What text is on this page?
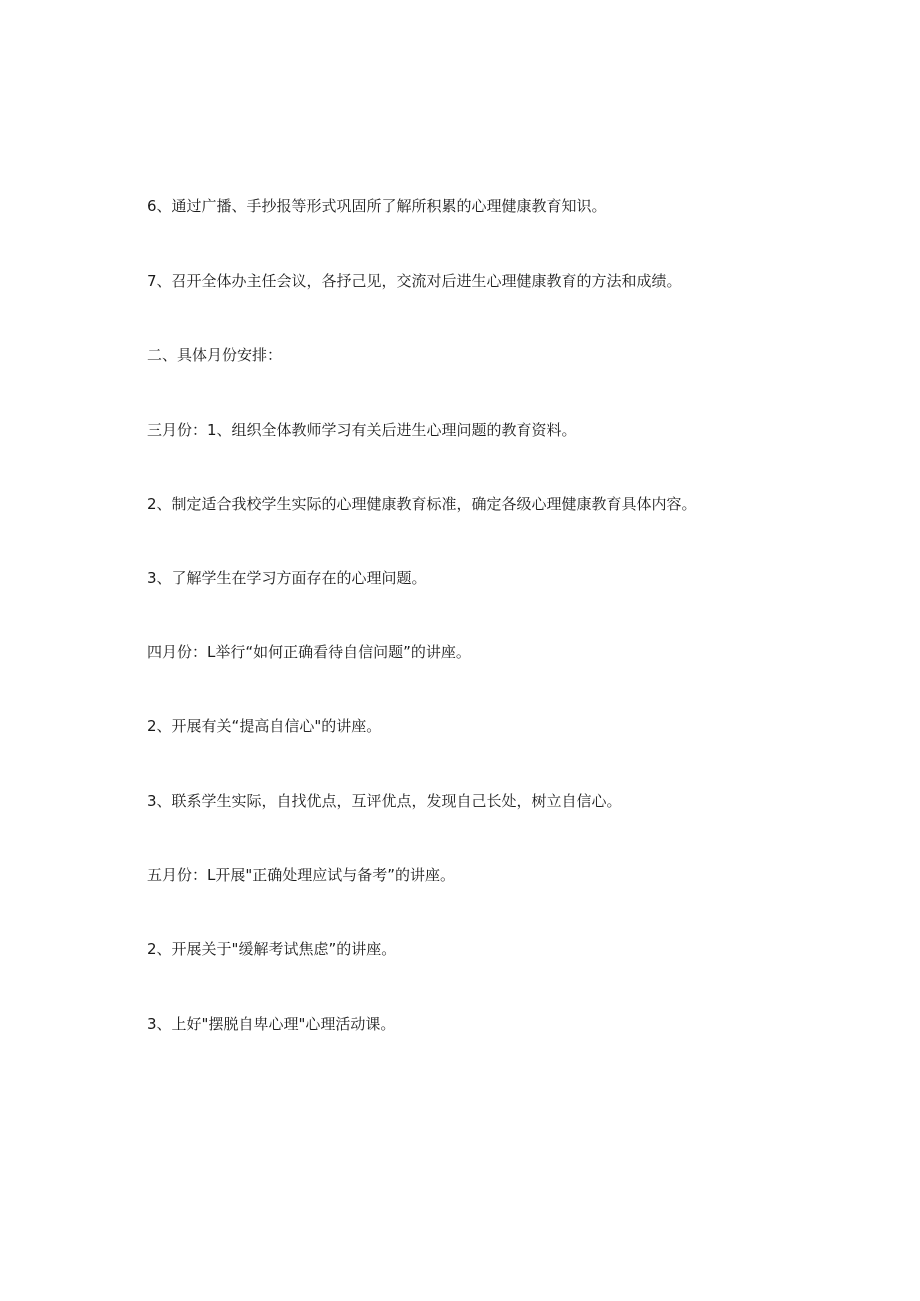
6、通过广播、手抄报等形式巩固所了解所积累的心理健康教育知识。
7、召开全体办主任会议，各抒己见，交流对后进生心理健康教育的方法和成绩。
二、具体月份安排：
三月份：1、组织全体教师学习有关后进生心理问题的教育资料。
2、制定适合我校学生实际的心理健康教育标准，确定各级心理健康教育具体内容。
3、了解学生在学习方面存在的心理问题。
四月份：L举行“如何正确看待自信问题”的讲座。
2、开展有关“提高自信心"的讲座。
3、联系学生实际，自找优点，互评优点，发现自己长处，树立自信心。
五月份：L开展"正确处理应试与备考”的讲座。
2、开展关于"缓解考试焦虑”的讲座。
3、上好"摆脱自卑心理"心理活动课。
